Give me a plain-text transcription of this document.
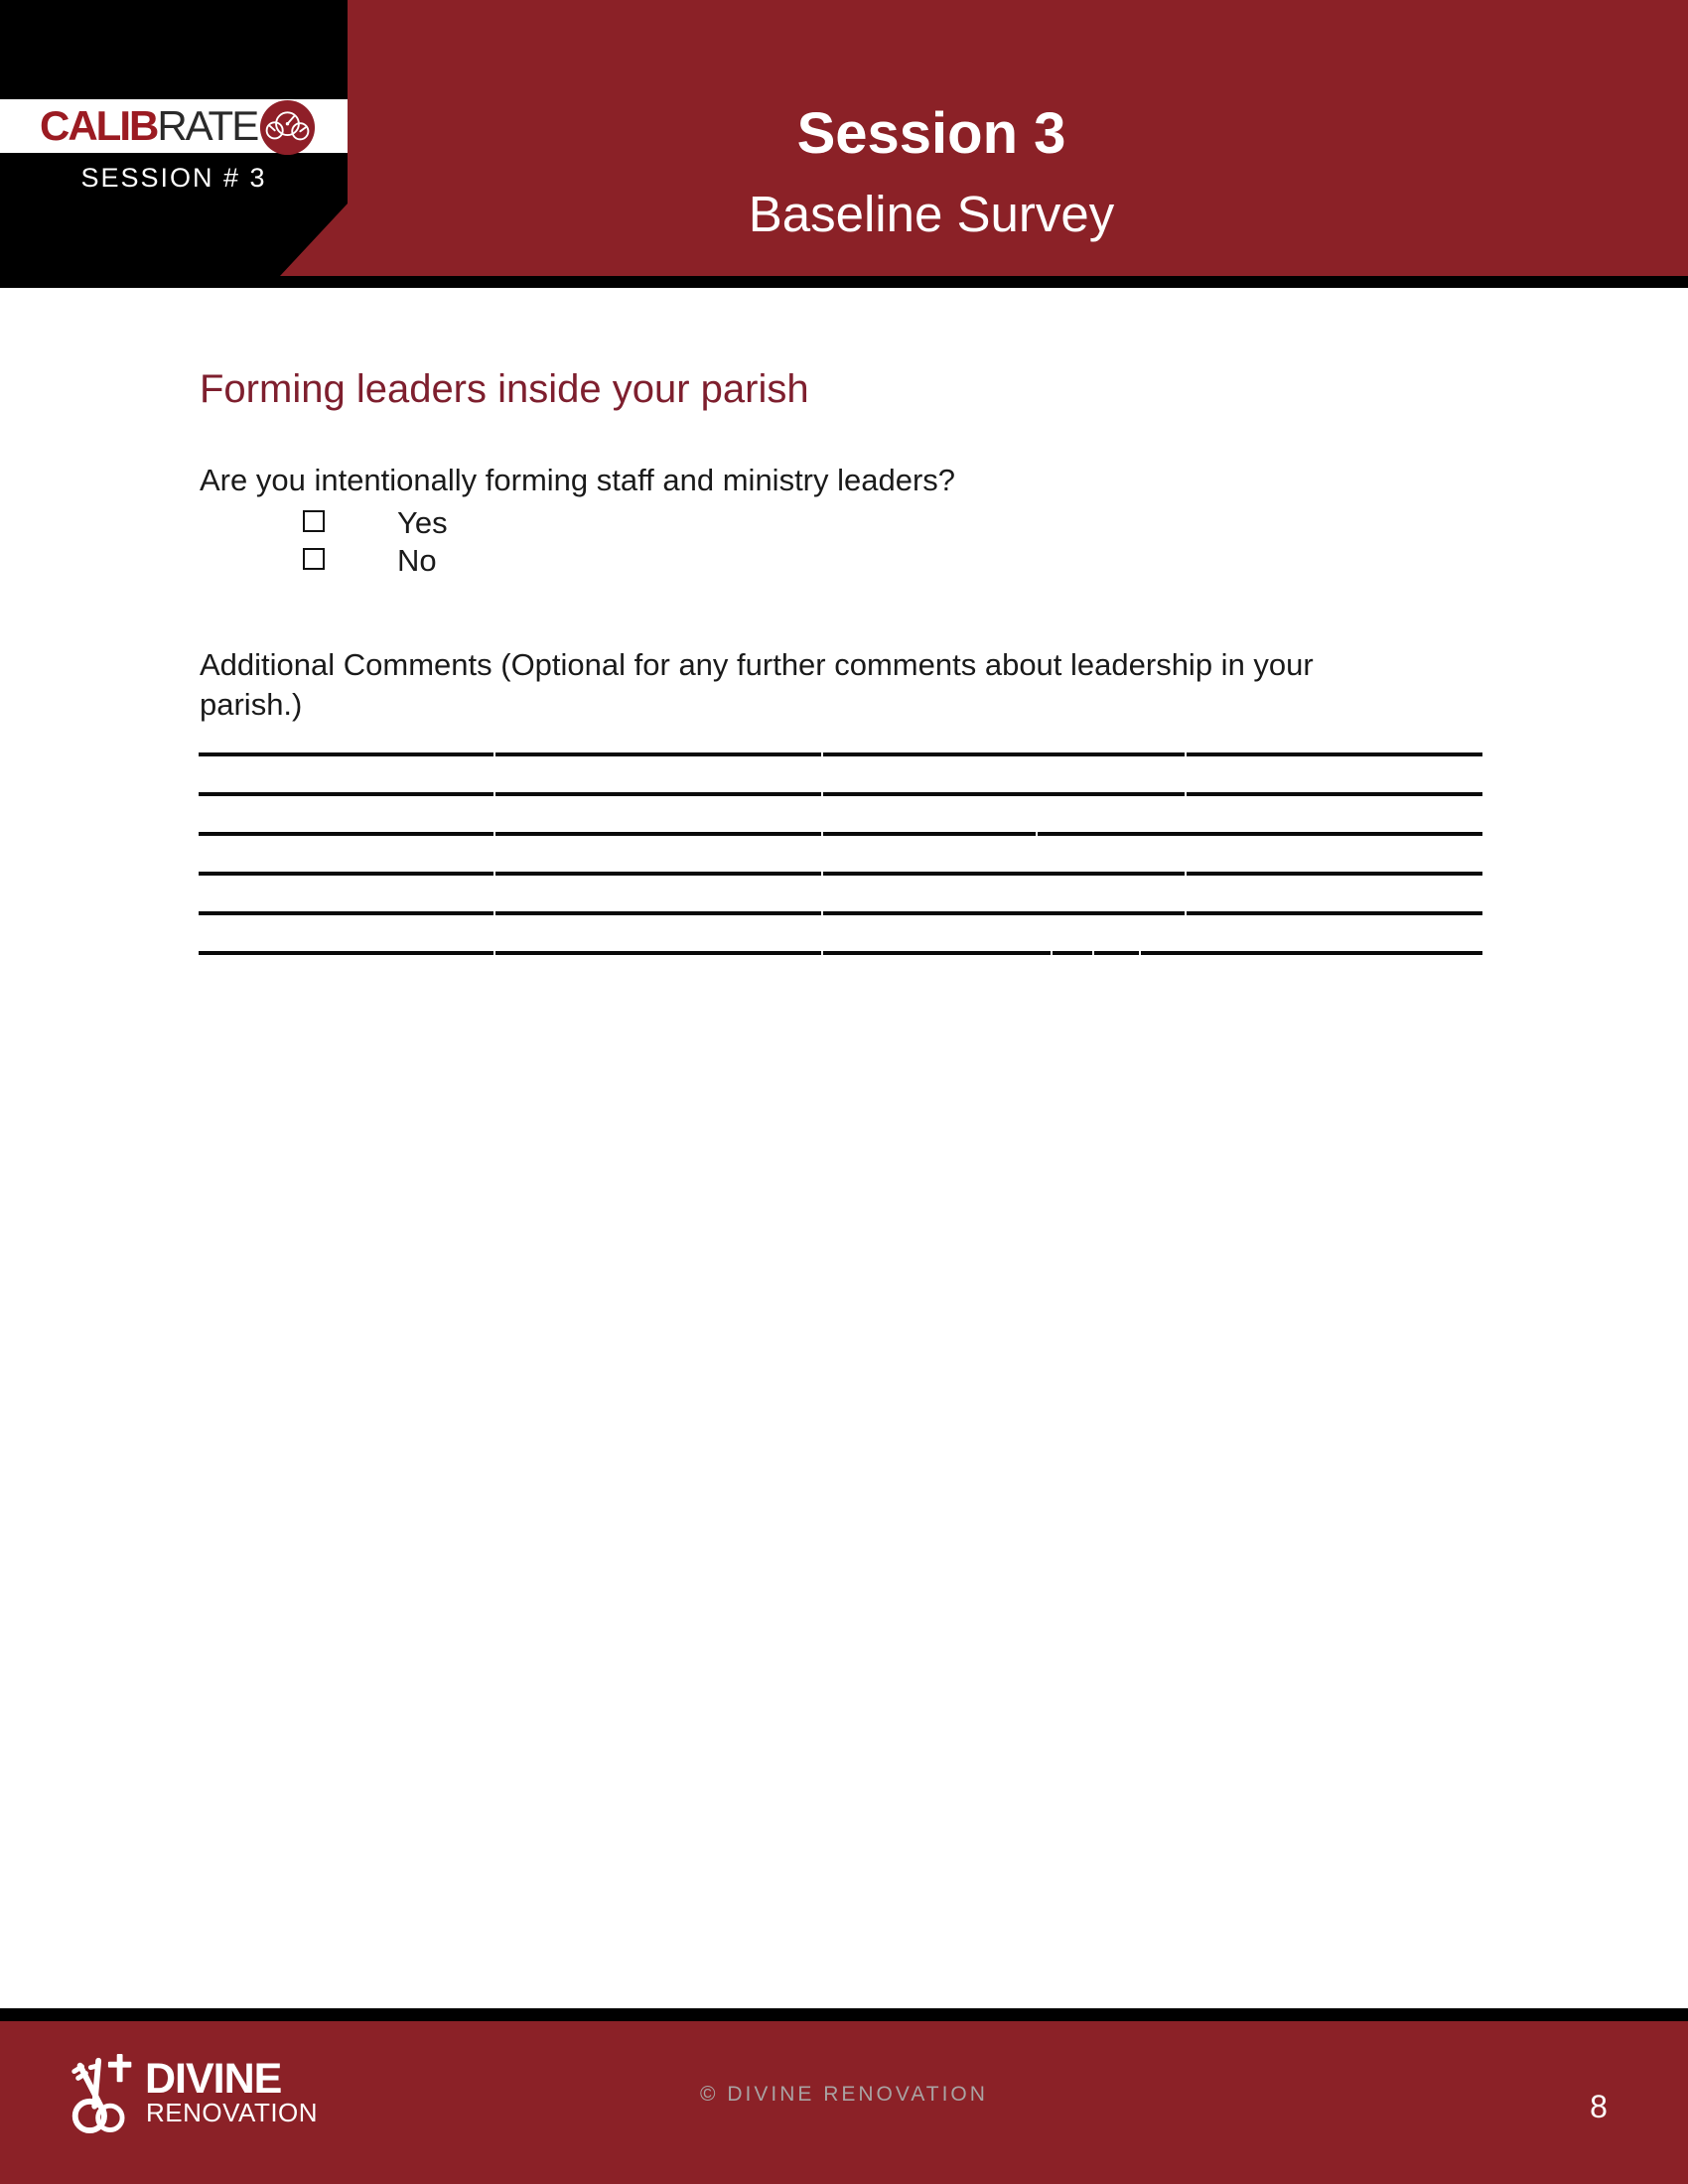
CALIB RATE
SESSION # 3
Session 3
Baseline Survey
Forming leaders inside your parish
Are you intentionally forming staff and ministry leaders?
Yes
No
Additional Comments (Optional for any further comments about leadership in your
parish.)
DIVINE
RENOVATION
© DIVINE RENOVATION	8
